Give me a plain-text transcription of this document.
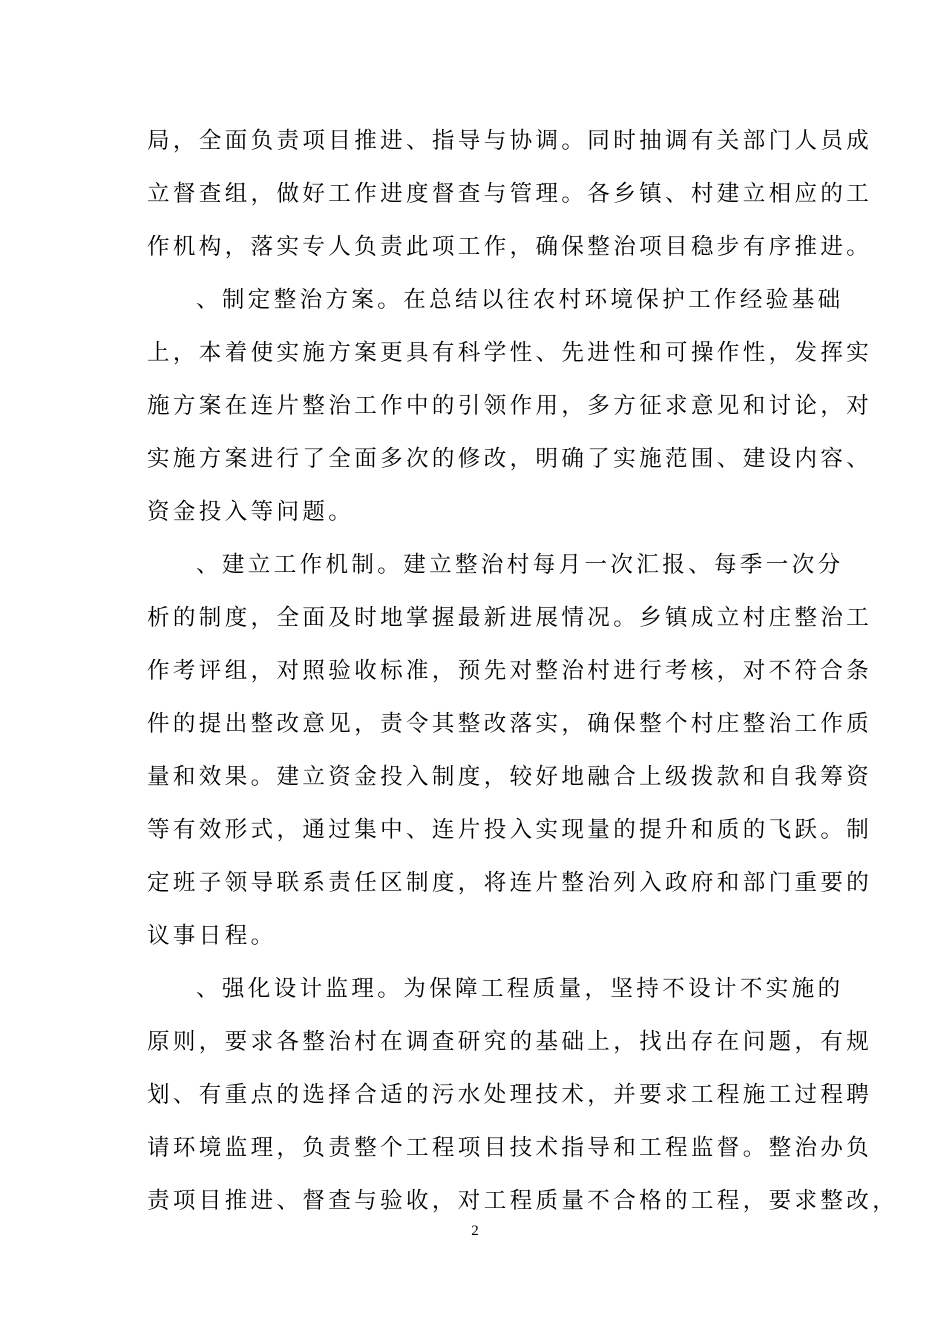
局，全面负责项目推进、指导与协调。同时抽调有关部门人员成
立督查组，做好工作进度督查与管理。各乡镇、村建立相应的工
作机构，落实专人负责此项工作，确保整治项目稳步有序推进。
、制定整治方案。在总结以往农村环境保护工作经验基础
上，本着使实施方案更具有科学性、先进性和可操作性，发挥实
施方案在连片整治工作中的引领作用，多方征求意见和讨论，对
实施方案进行了全面多次的修改，明确了实施范围、建设内容、
资金投入等问题。
、建立工作机制。建立整治村每月一次汇报、每季一次分
析的制度，全面及时地掌握最新进展情况。乡镇成立村庄整治工
作考评组，对照验收标准，预先对整治村进行考核，对不符合条
件的提出整改意见，责令其整改落实，确保整个村庄整治工作质
量和效果。建立资金投入制度，较好地融合上级拨款和自我筹资
等有效形式，通过集中、连片投入实现量的提升和质的飞跃。制
定班子领导联系责任区制度，将连片整治列入政府和部门重要的
议事日程。
、强化设计监理。为保障工程质量，坚持不设计不实施的
原则，要求各整治村在调查研究的基础上，找出存在问题，有规
划、有重点的选择合适的污水处理技术，并要求工程施工过程聘
请环境监理，负责整个工程项目技术指导和工程监督。整治办负
责项目推进、督查与验收，对工程质量不合格的工程，要求整改，
2
